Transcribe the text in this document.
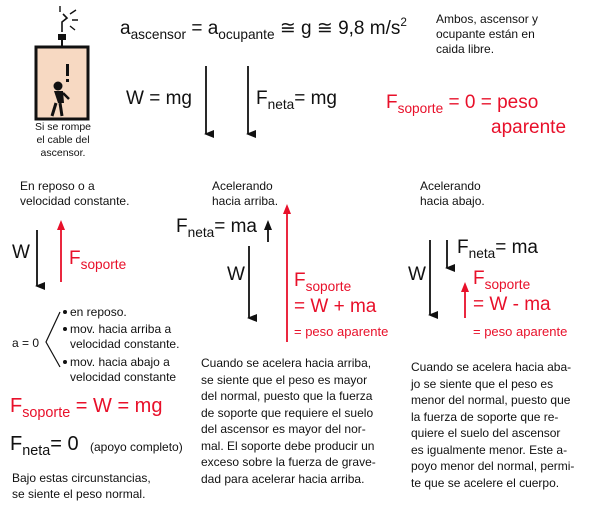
$a_{ascensor} = a_{ocupante}$ ≅ g ≅ 9,8 $m/s^2$ Ambos, ascensor y
ocupante están en
caida libre.
W = mg	$F_{neta}=$ mg	$F_{soporte} = 0$ = peso
aparente
Si se rompe
el cable del
ascensor.
En reposo o a
velocidad constante.
W $F_{soporte}$
a = 0
en reposo.
mov. hacia arriba a
velocidad constante.
mov. hacia abajo a
velocidad constante
$F_{soporte} = W$ = mg
$F_{neta}= 0$ (apoyo completo)
Bajo estas circunstancias,
se siente el peso normal.
Acelerando
hacia arriba.
$F_{neta}=$ ma
W	$F_{soporte}$
= W + ma
= peso aparente
Cuando se acelera hacia arriba,
se siente que el peso es mayor
del normal, puesto que la fuerza
de soporte que requiere el suelo
del ascensor es mayor del nor-
mal. El soporte debe producir un
exceso sobre la fuerza de grave-
dad para acelerar hacia arriba.
Acelerando
hacia abajo.
$F_{neta}=$ ma
W $F_{soporte}$
= W - ma
= peso aparente
Cuando se acelera hacia aba-
jo se siente que el peso es
menor del normal, puesto que
la fuerza de soporte que re-
quiere el suelo del ascensor
es igualmente menor. Este a-
poyo menor del normal, permi-
te que se acelere el cuerpo.
